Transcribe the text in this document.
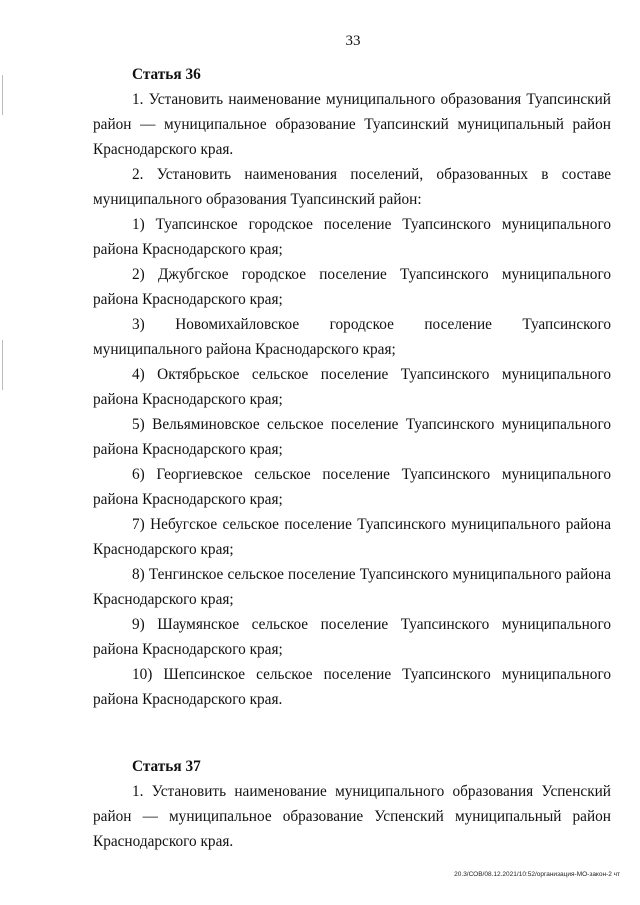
33

Статья 36

1. Установить наименование муниципального образования Туапсинский район — муниципальное образование Туапсинский муниципальный район Краснодарского края.

2. Установить наименования поселений, образованных в составе муниципального образования Туапсинский район:

1) Туапсинское городское поселение Туапсинского муниципального района Краснодарского края;

2) Джубгское городское поселение Туапсинского муниципального района Краснодарского края;

3) Новомихайловское городское поселение Туапсинского муниципального района Краснодарского края;

4) Октябрьское сельское поселение Туапсинского муниципального района Краснодарского края;

5) Вельяминовское сельское поселение Туапсинского муниципального района Краснодарского края;

6) Георгиевское сельское поселение Туапсинского муниципального района Краснодарского края;

7) Небугское сельское поселение Туапсинского муниципального района Краснодарского края;

8) Тенгинское сельское поселение Туапсинского муниципального района Краснодарского края;

9) Шаумянское сельское поселение Туапсинского муниципального района Краснодарского края;

10) Шепсинское сельское поселение Туапсинского муниципального района Краснодарского края.

Статья 37

1. Установить наименование муниципального образования Успенский район — муниципальное образование Успенский муниципальный район Краснодарского края.

20.3/СОВ/08.12.2021/10:52/организация-МО-закон-2 чт
